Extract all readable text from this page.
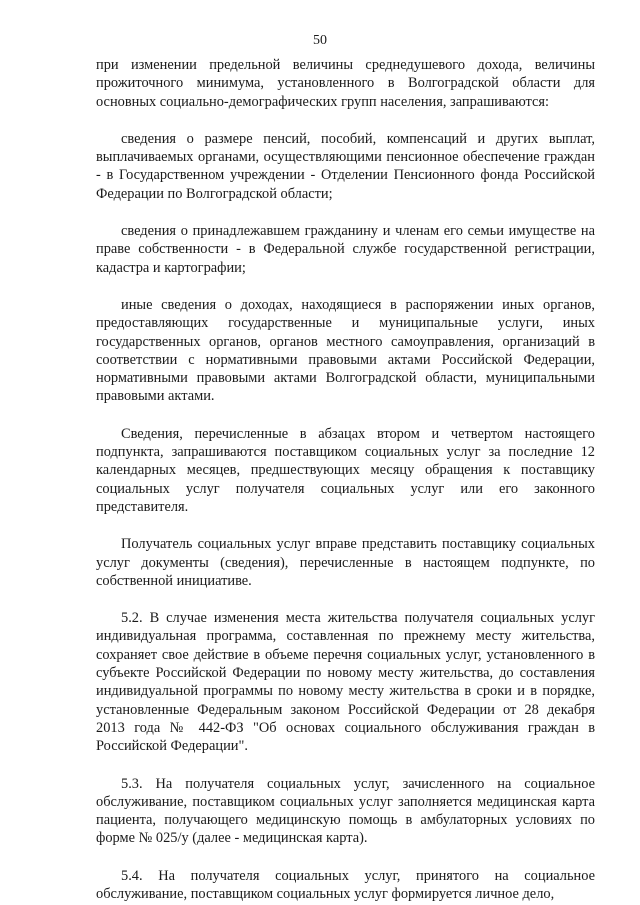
50

при изменении предельной величины среднедушевого дохода, величины прожиточного минимума, установленного в Волгоградской области для основных социально-демографических групп населения, запрашиваются:

сведения о размере пенсий, пособий, компенсаций и других выплат, выплачиваемых органами, осуществляющими пенсионное обеспечение граждан - в Государственном учреждении - Отделении Пенсионного фонда Российской Федерации по Волгоградской области;

сведения о принадлежавшем гражданину и членам его семьи имуществе на праве собственности - в Федеральной службе государственной регистрации, кадастра и картографии;

иные сведения о доходах, находящиеся в распоряжении иных органов, предоставляющих государственные и муниципальные услуги, иных государственных органов, органов местного самоуправления, организаций в соответствии с нормативными правовыми актами Российской Федерации, нормативными правовыми актами Волгоградской области, муниципальными правовыми актами.

Сведения, перечисленные в абзацах втором и четвертом настоящего подпункта, запрашиваются поставщиком социальных услуг за последние 12 календарных месяцев, предшествующих месяцу обращения к поставщику социальных услуг получателя социальных услуг или его законного представителя.

Получатель социальных услуг вправе представить поставщику социальных услуг документы (сведения), перечисленные в настоящем подпункте, по собственной инициативе.

5.2. В случае изменения места жительства получателя социальных услуг индивидуальная программа, составленная по прежнему месту жительства, сохраняет свое действие в объеме перечня социальных услуг, установленного в субъекте Российской Федерации по новому месту жительства, до составления индивидуальной программы по новому месту жительства в сроки и в порядке, установленные Федеральным законом Российской Федерации от 28 декабря 2013 года № 442-ФЗ "Об основах социального обслуживания граждан в Российской Федерации".

5.3. На получателя социальных услуг, зачисленного на социальное обслуживание, поставщиком социальных услуг заполняется медицинская карта пациента, получающего медицинскую помощь в амбулаторных условиях по форме № 025/у (далее - медицинская карта).

5.4. На получателя социальных услуг, принятого на социальное обслуживание, поставщиком социальных услуг формируется личное дело,
